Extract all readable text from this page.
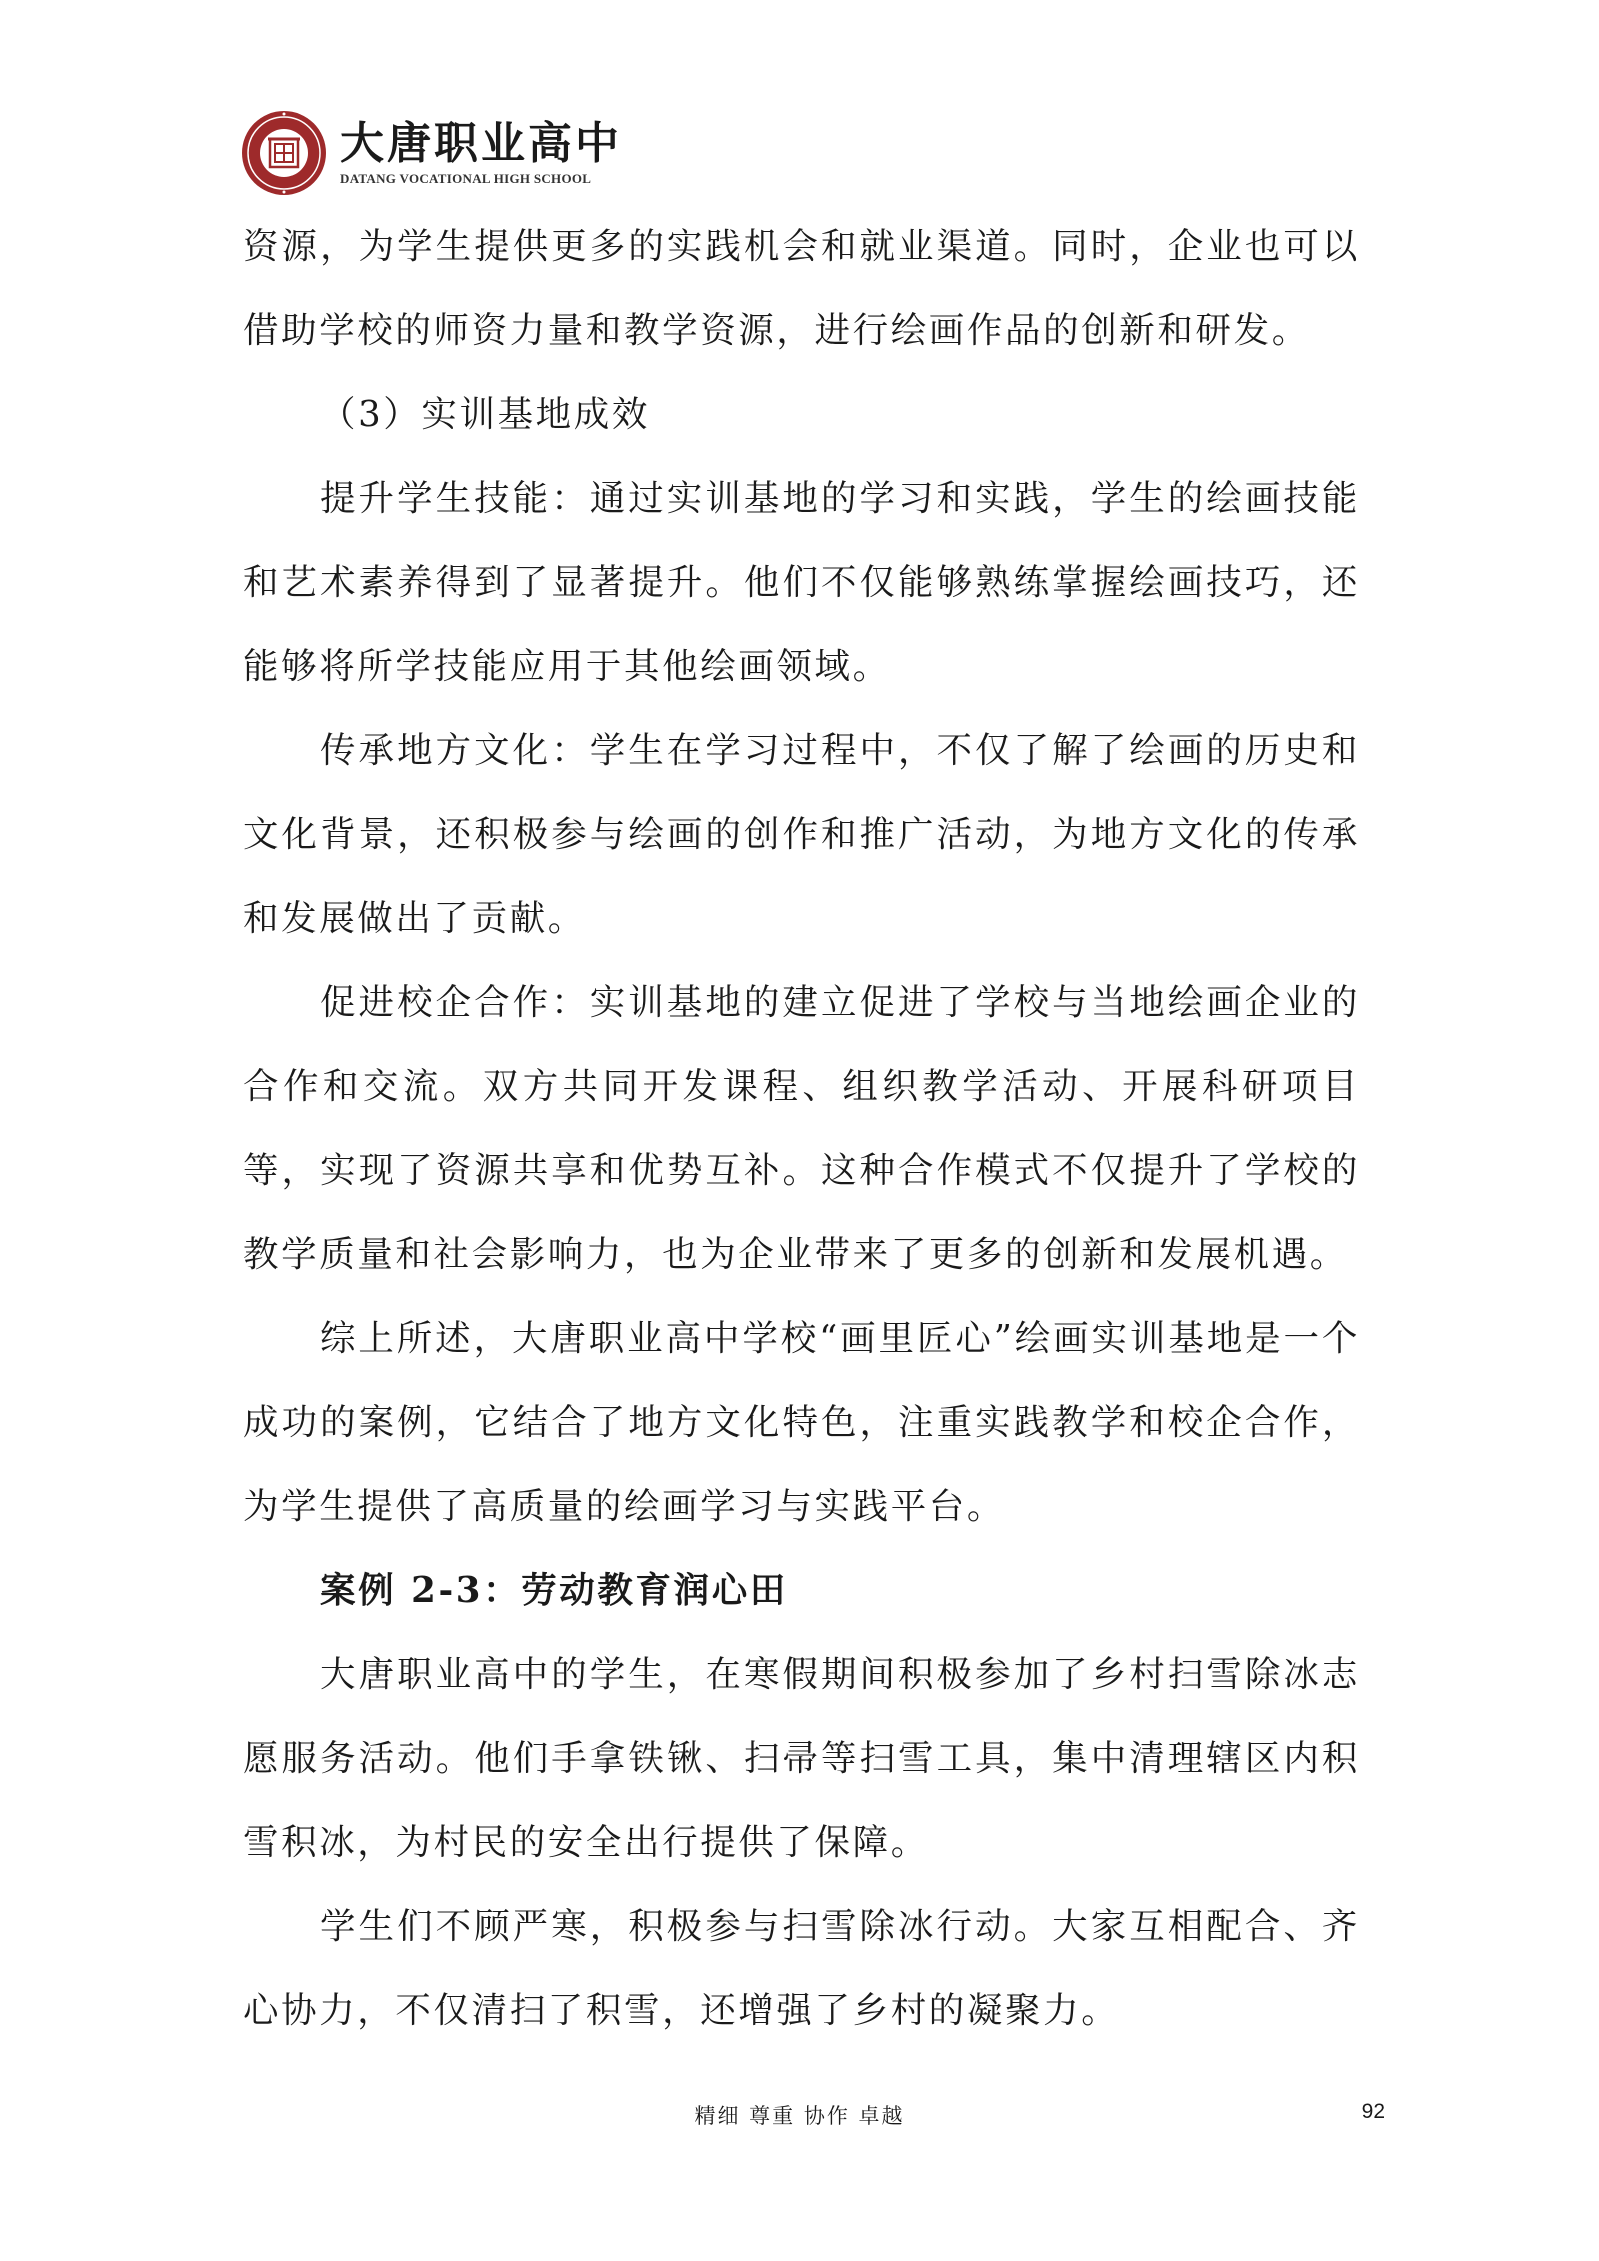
大唐职业高中
DATANG VOCATIONAL HIGH SCHOOL

资源，为学生提供更多的实践机会和就业渠道。同时，企业也可以借助学校的师资力量和教学资源，进行绘画作品的创新和研发。

（3）实训基地成效

提升学生技能：通过实训基地的学习和实践，学生的绘画技能和艺术素养得到了显著提升。他们不仅能够熟练掌握绘画技巧，还能够将所学技能应用于其他绘画领域。

传承地方文化：学生在学习过程中，不仅了解了绘画的历史和文化背景，还积极参与绘画的创作和推广活动，为地方文化的传承和发展做出了贡献。

促进校企合作：实训基地的建立促进了学校与当地绘画企业的合作和交流。双方共同开发课程、组织教学活动、开展科研项目等，实现了资源共享和优势互补。这种合作模式不仅提升了学校的教学质量和社会影响力，也为企业带来了更多的创新和发展机遇。

综上所述，大唐职业高中学校“画里匠心”绘画实训基地是一个成功的案例，它结合了地方文化特色，注重实践教学和校企合作，为学生提供了高质量的绘画学习与实践平台。

案例 2-3：劳动教育润心田

大唐职业高中的学生，在寒假期间积极参加了乡村扫雪除冰志愿服务活动。他们手拿铁锹、扫帚等扫雪工具，集中清理辖区内积雪积冰，为村民的安全出行提供了保障。

学生们不顾严寒，积极参与扫雪除冰行动。大家互相配合、齐心协力，不仅清扫了积雪，还增强了乡村的凝聚力。

精细 尊重 协作 卓越	92
